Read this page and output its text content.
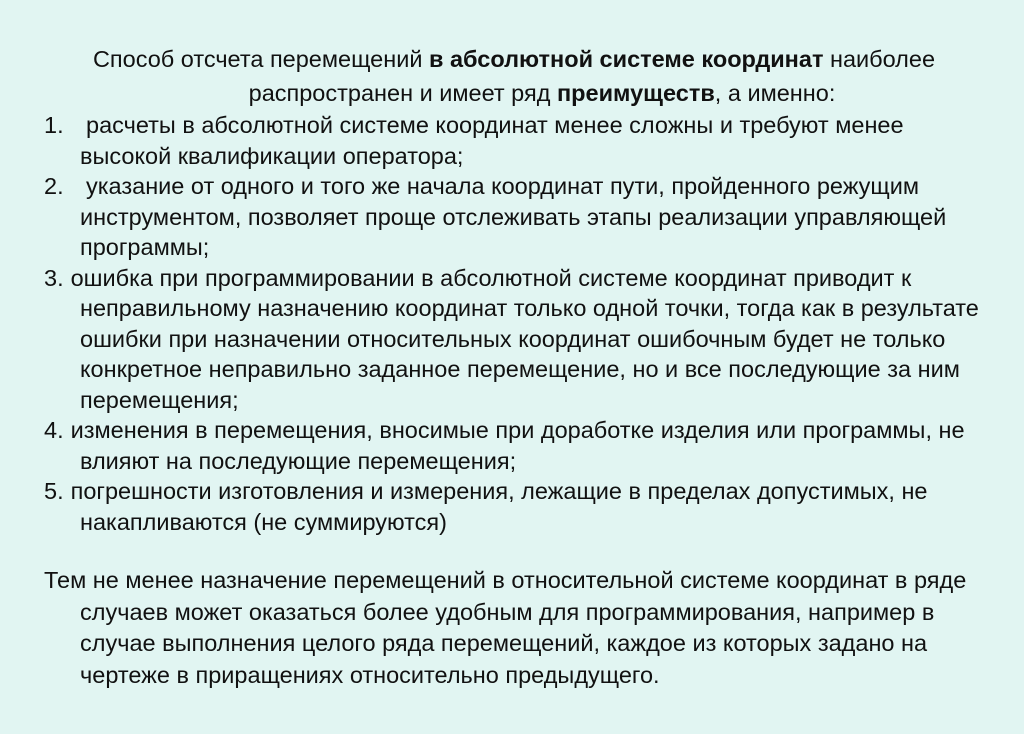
Способ отсчета перемещений в абсолютной системе координат наиболее
распространен и имеет ряд преимуществ, а именно:

1. расчеты в абсолютной системе координат менее сложны и требуют менее высокой квалификации оператора;
2. указание от одного и того же начала координат пути, пройденного режущим инструментом, позволяет проще отслеживать этапы реализации управляющей программы;
3. ошибка при программировании в абсолютной системе координат приводит к неправильному назначению координат только одной точки, тогда как в результате ошибки при назначении относительных координат ошибочным будет не только конкретное неправильно заданное перемещение, но и все последующие за ним перемещения;
4. изменения в перемещения, вносимые при доработке изделия или программы, не влияют на последующие перемещения;
5. погрешности изготовления и измерения, лежащие в пределах допустимых, не накапливаются (не суммируются)

Тем не менее назначение перемещений в относительной системе координат в ряде случаев может оказаться более удобным для программирования, например в случае выполнения целого ряда перемещений, каждое из которых задано на чертеже в приращениях относительно предыдущего.
